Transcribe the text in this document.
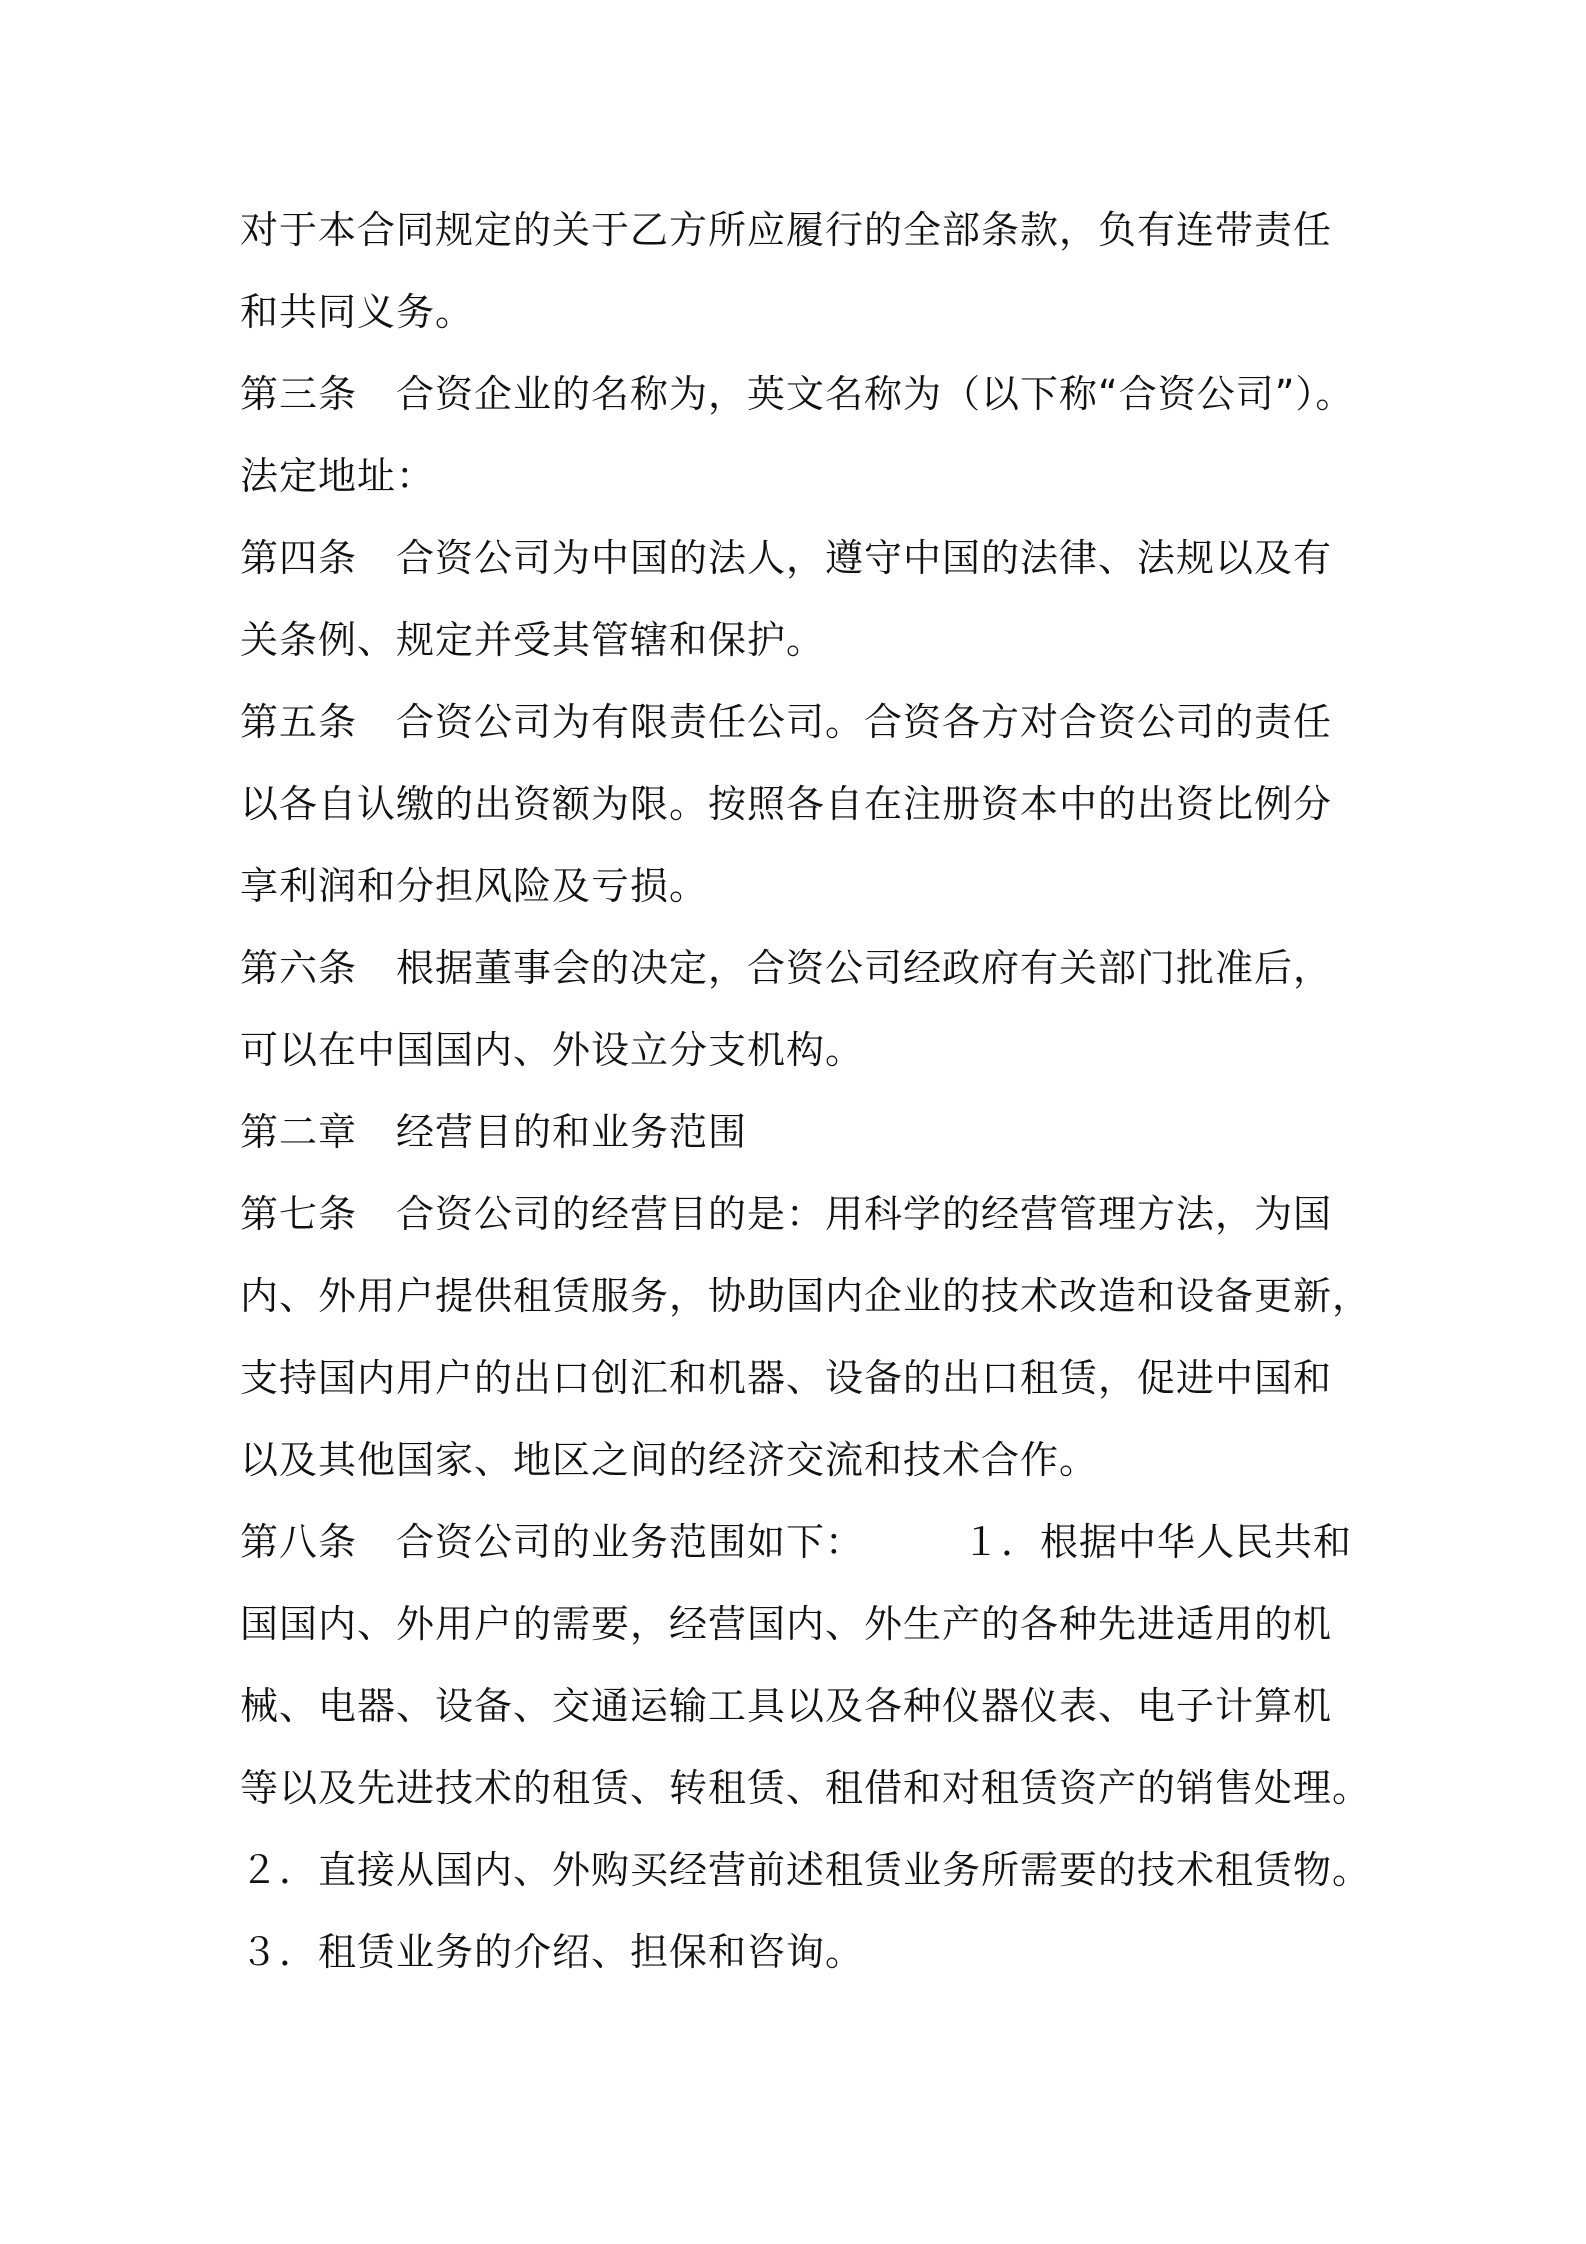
对于本合同规定的关于乙方所应履行的全部条款，负有连带责任
和共同义务。
第三条　合资企业的名称为，英文名称为（以下称“合资公司”）。
法定地址：
第四条　合资公司为中国的法人，遵守中国的法律、法规以及有
关条例、规定并受其管辖和保护。
第五条　合资公司为有限责任公司。合资各方对合资公司的责任
以各自认缴的出资额为限。按照各自在注册资本中的出资比例分
享利润和分担风险及亏损。
第六条　根据董事会的决定，合资公司经政府有关部门批准后，
可以在中国国内、外设立分支机构。
第二章　经营目的和业务范围
第七条　合资公司的经营目的是：用科学的经营管理方法，为国
内、外用户提供租赁服务，协助国内企业的技术改造和设备更新，
支持国内用户的出口创汇和机器、设备的出口租赁，促进中国和
以及其他国家、地区之间的经济交流和技术合作。
第八条　合资公司的业务范围如下：　　　１．根据中华人民共和
国国内、外用户的需要，经营国内、外生产的各种先进适用的机
械、电器、设备、交通运输工具以及各种仪器仪表、电子计算机
等以及先进技术的租赁、转租赁、租借和对租赁资产的销售处理。
２．直接从国内、外购买经营前述租赁业务所需要的技术租赁物。
３．租赁业务的介绍、担保和咨询。
